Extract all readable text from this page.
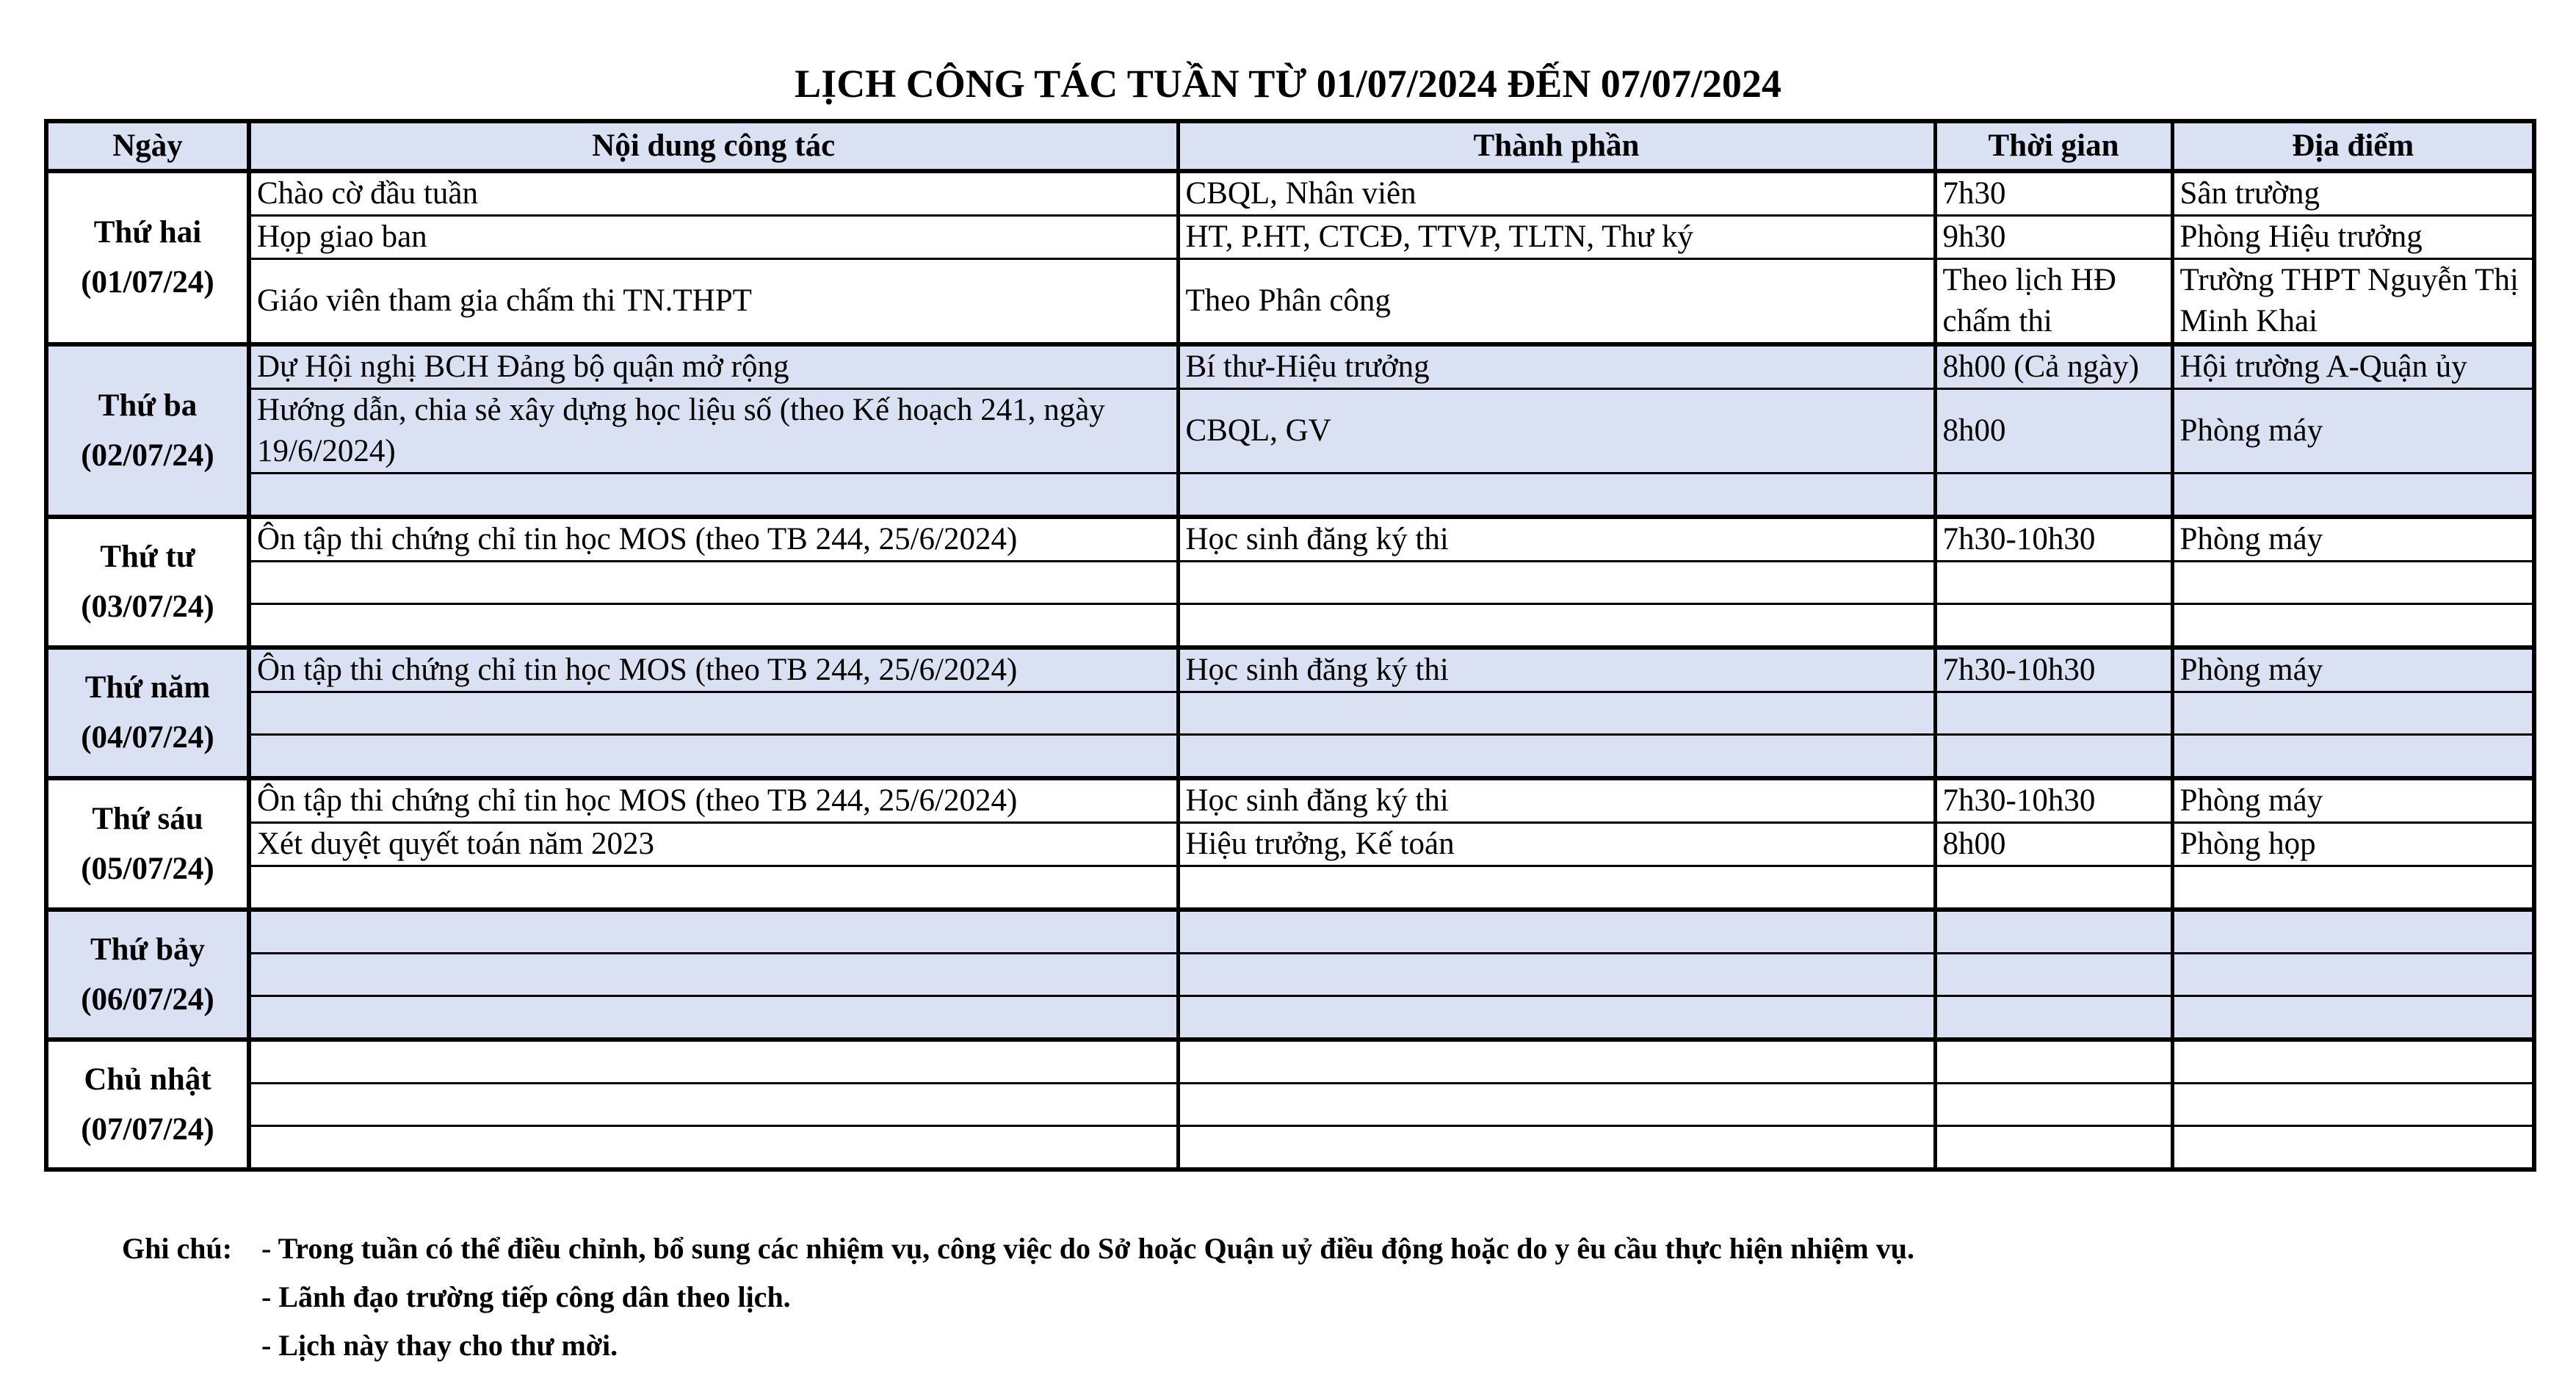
LỊCH CÔNG TÁC TUẦN TỪ 01/07/2024 ĐẾN 07/07/2024
Ngày	Nội dung công tác	Thành phần	Thời gian	Địa điểm

Thứ hai
(01/07/24)	Chào cờ đầu tuần	CBQL, Nhân viên	7h30	Sân trường
	Họp giao ban	HT, P.HT, CTCĐ, TTVP, TLTN, Thư ký	9h30	Phòng Hiệu trưởng
	Giáo viên tham gia chấm thi TN.THPT	Theo Phân công	Theo lịch HĐ chấm thi	Trường THPT Nguyễn Thị Minh Khai

Thứ ba
(02/07/24)	Dự Hội nghị BCH Đảng bộ quận mở rộng	Bí thư-Hiệu trưởng	8h00 (Cả ngày)	Hội trường A-Quận ủy
	Hướng dẫn, chia sẻ xây dựng học liệu số (theo Kế hoạch 241, ngày 19/6/2024)	CBQL, GV	8h00	Phòng máy

Thứ tư
(03/07/24)	Ôn tập thi chứng chỉ tin học MOS (theo TB 244, 25/6/2024)	Học sinh đăng ký thi	7h30-10h30	Phòng máy

Thứ năm
(04/07/24)	Ôn tập thi chứng chỉ tin học MOS (theo TB 244, 25/6/2024)	Học sinh đăng ký thi	7h30-10h30	Phòng máy

Thứ sáu
(05/07/24)	Ôn tập thi chứng chỉ tin học MOS (theo TB 244, 25/6/2024)	Học sinh đăng ký thi	7h30-10h30	Phòng máy
	Xét duyệt quyết toán năm 2023	Hiệu trưởng, Kế toán	8h00	Phòng họp

Thứ bảy
(06/07/24)				

Chủ nhật
(07/07/24)				

Ghi chú: - Trong tuần có thể điều chỉnh, bổ sung các nhiệm vụ, công việc do Sở hoặc Quận uỷ điều động hoặc do y êu cầu thực hiện nhiệm vụ.
- Lãnh đạo trường tiếp công dân theo lịch.
- Lịch này thay cho thư mời.
